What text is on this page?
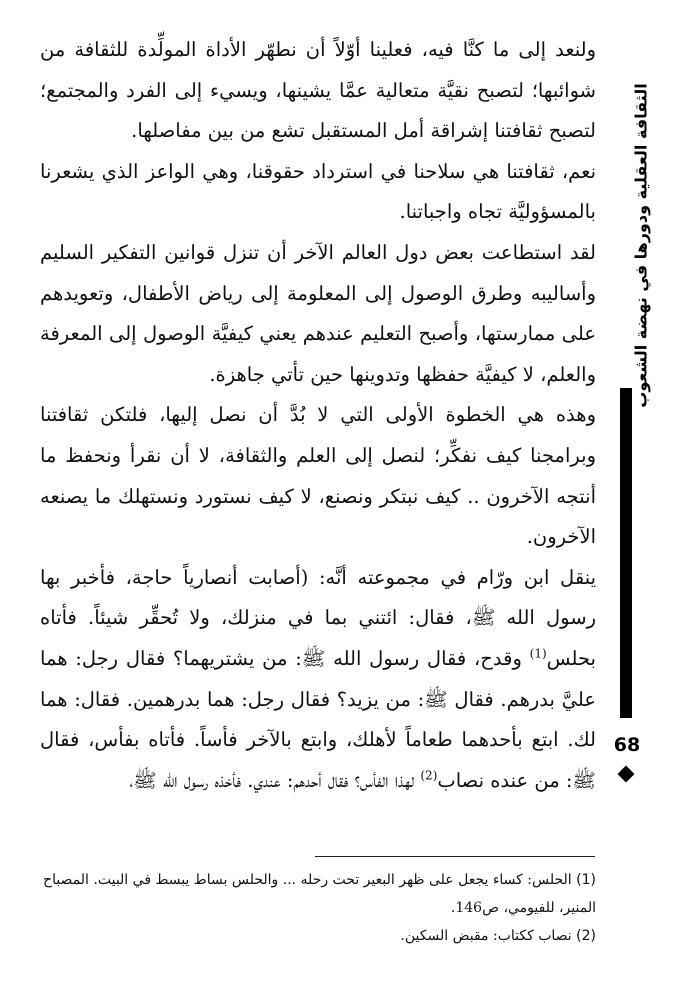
الثقافة العقلية ودورها في نهضة الشعوب
68

ولنعد إلى ما كنَّا فيه، فعلينا أوّلاً أن نطهّر الأداة المولِّدة للثقافة من شوائبها؛ لتصبح نقيَّة متعالية عمَّا يشينها، ويسيء إلى الفرد والمجتمع؛ لتصبح ثقافتنا إشراقة أمل المستقبل تشع من بين مفاصلها.

نعم، ثقافتنا هي سلاحنا في استرداد حقوقنا، وهي الواعز الذي يشعرنا بالمسؤوليَّة تجاه واجباتنا.

لقد استطاعت بعض دول العالم الآخر أن تنزل قوانين التفكير السليم وأساليبه وطرق الوصول إلى المعلومة إلى رياض الأطفال، وتعويدهم على ممارستها، وأصبح التعليم عندهم يعني كيفيَّة الوصول إلى المعرفة والعلم، لا كيفيَّة حفظها وتدوينها حين تأتي جاهزة.

وهذه هي الخطوة الأولى التي لا بُدَّ أن نصل إليها، فلتكن ثقافتنا وبرامجنا كيف نفكِّر؛ لنصل إلى العلم والثقافة، لا أن نقرأ ونحفظ ما أنتجه الآخرون .. كيف نبتكر ونصنع، لا كيف نستورد ونستهلك ما يصنعه الآخرون.

ينقل ابن ورّام في مجموعته أنَّه: (أصابت أنصارياً حاجة، فأخبر بها رسول الله ﷺ، فقال: ائتني بما في منزلك، ولا تُحقِّر شيئاً. فأتاه بحلس$^{(1)}$ وقدح، فقال رسول الله ﷺ: من يشتريهما؟ فقال رجل: هما عليَّ بدرهم. فقال ﷺ: من يزيد؟ فقال رجل: هما بدرهمين. فقال: هما لك. ابتع بأحدهما طعاماً لأهلك، وابتع بالآخر فأساً. فأتاه بفأس، فقال ﷺ: من عنده نصاب$^{(2)}$ لهذا الفأس؟ فقال أحدهم: عندي. فأخذه رسول الله ﷺ،

(1) الحلس: كساء يجعل على ظهر البعير تحت رحله ... والحلس بساط يبسط في البيت. المصباح المنير، للفيومي، ص146.

(2) نصاب ككتاب: مقبض السكين.
